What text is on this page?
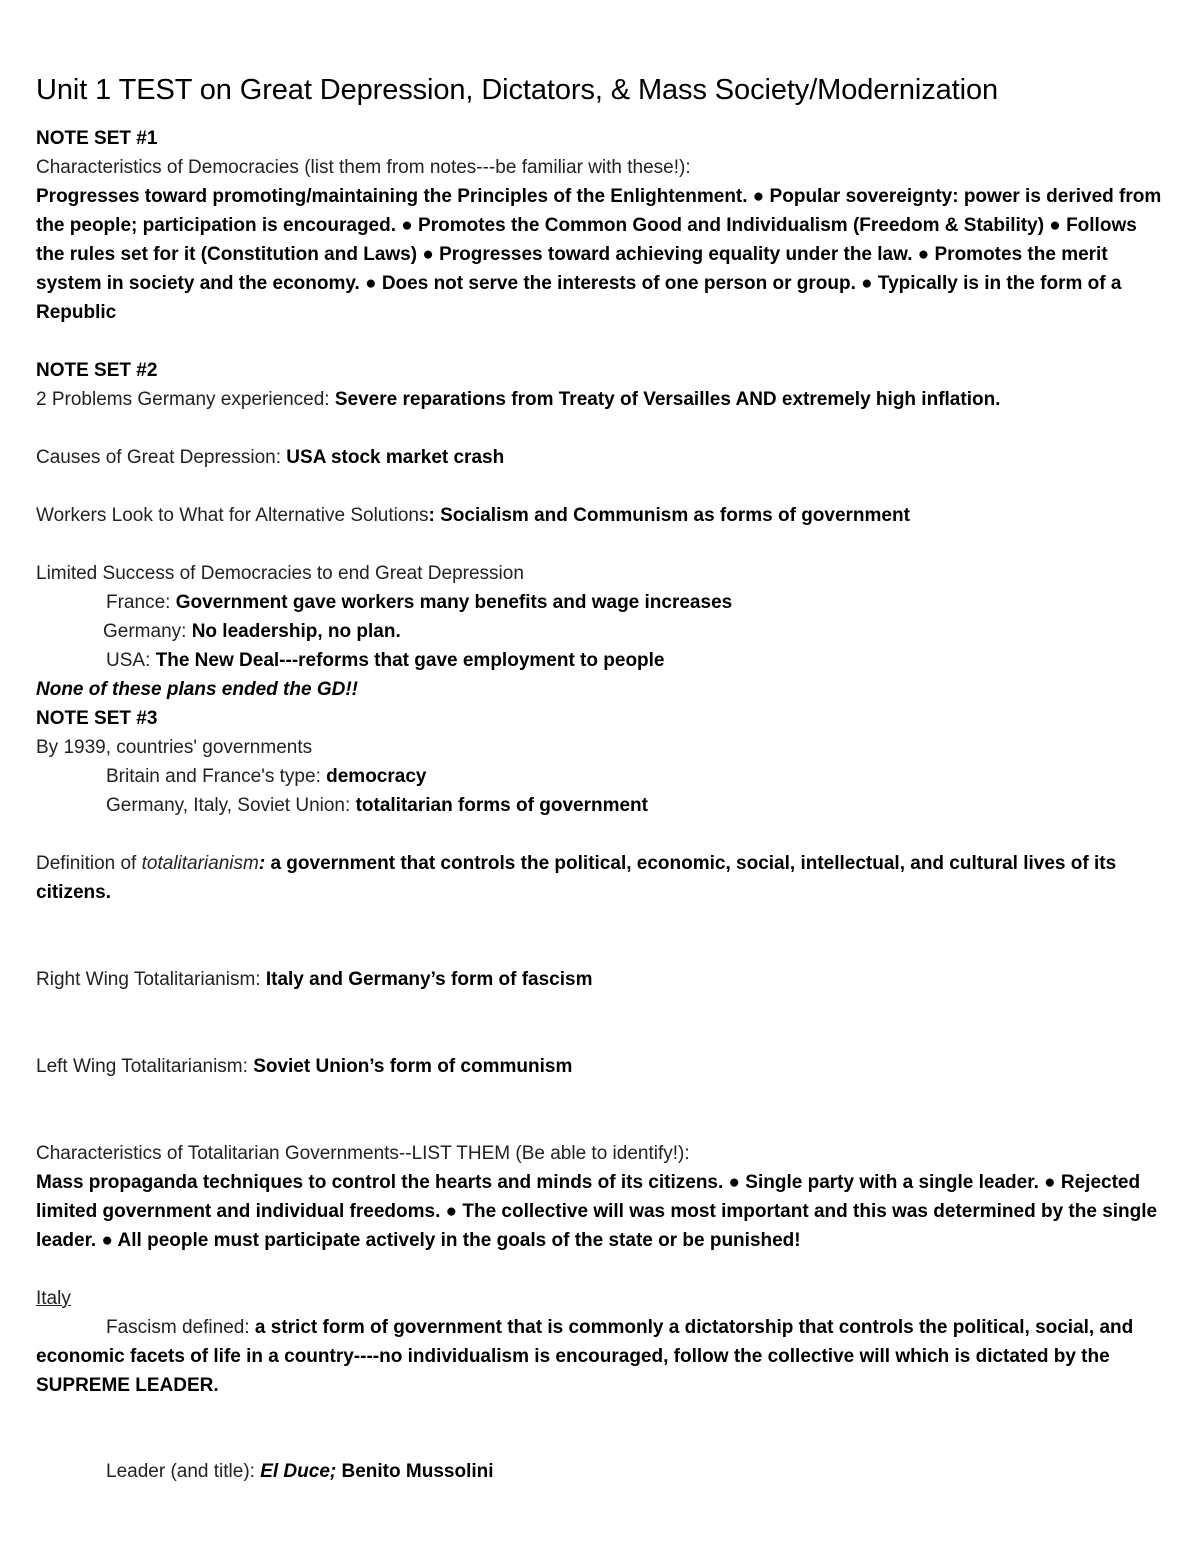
Unit 1 TEST on Great Depression, Dictators, & Mass Society/Modernization

NOTE SET #1

Characteristics of Democracies (list them from notes---be familiar with these!):

Progresses toward promoting/maintaining the Principles of the Enlightenment. ● Popular sovereignty: power is derived from the people; participation is encouraged. ● Promotes the Common Good and Individualism (Freedom & Stability) ● Follows the rules set for it (Constitution and Laws) ● Progresses toward achieving equality under the law. ● Promotes the merit system in society and the economy. ● Does not serve the interests of one person or group. ● Typically is in the form of a Republic

NOTE SET #2

2 Problems Germany experienced: Severe reparations from Treaty of Versailles AND extremely high inflation.

Causes of Great Depression: USA stock market crash

Workers Look to What for Alternative Solutions: Socialism and Communism as forms of government

Limited Success of Democracies to end Great Depression

France: Government gave workers many benefits and wage increases

Germany: No leadership, no plan.

USA: The New Deal---reforms that gave employment to people

None of these plans ended the GD!!

NOTE SET #3

By 1939, countries' governments

Britain and France's type: democracy

Germany, Italy, Soviet Union: totalitarian forms of government

Definition of totalitarianism: a government that controls the political, economic, social, intellectual, and cultural lives of its citizens.

Right Wing Totalitarianism: Italy and Germany’s form of fascism

Left Wing Totalitarianism: Soviet Union’s form of communism

Characteristics of Totalitarian Governments--LIST THEM (Be able to identify!):

Mass propaganda techniques to control the hearts and minds of its citizens. ● Single party with a single leader. ● Rejected limited government and individual freedoms. ● The collective will was most important and this was determined by the single leader. ● All people must participate actively in the goals of the state or be punished!

Italy

Fascism defined: a strict form of government that is commonly a dictatorship that controls the political, social, and economic facets of life in a country----no individualism is encouraged, follow the collective will which is dictated by the SUPREME LEADER.

Leader (and title): El Duce; Benito Mussolini
